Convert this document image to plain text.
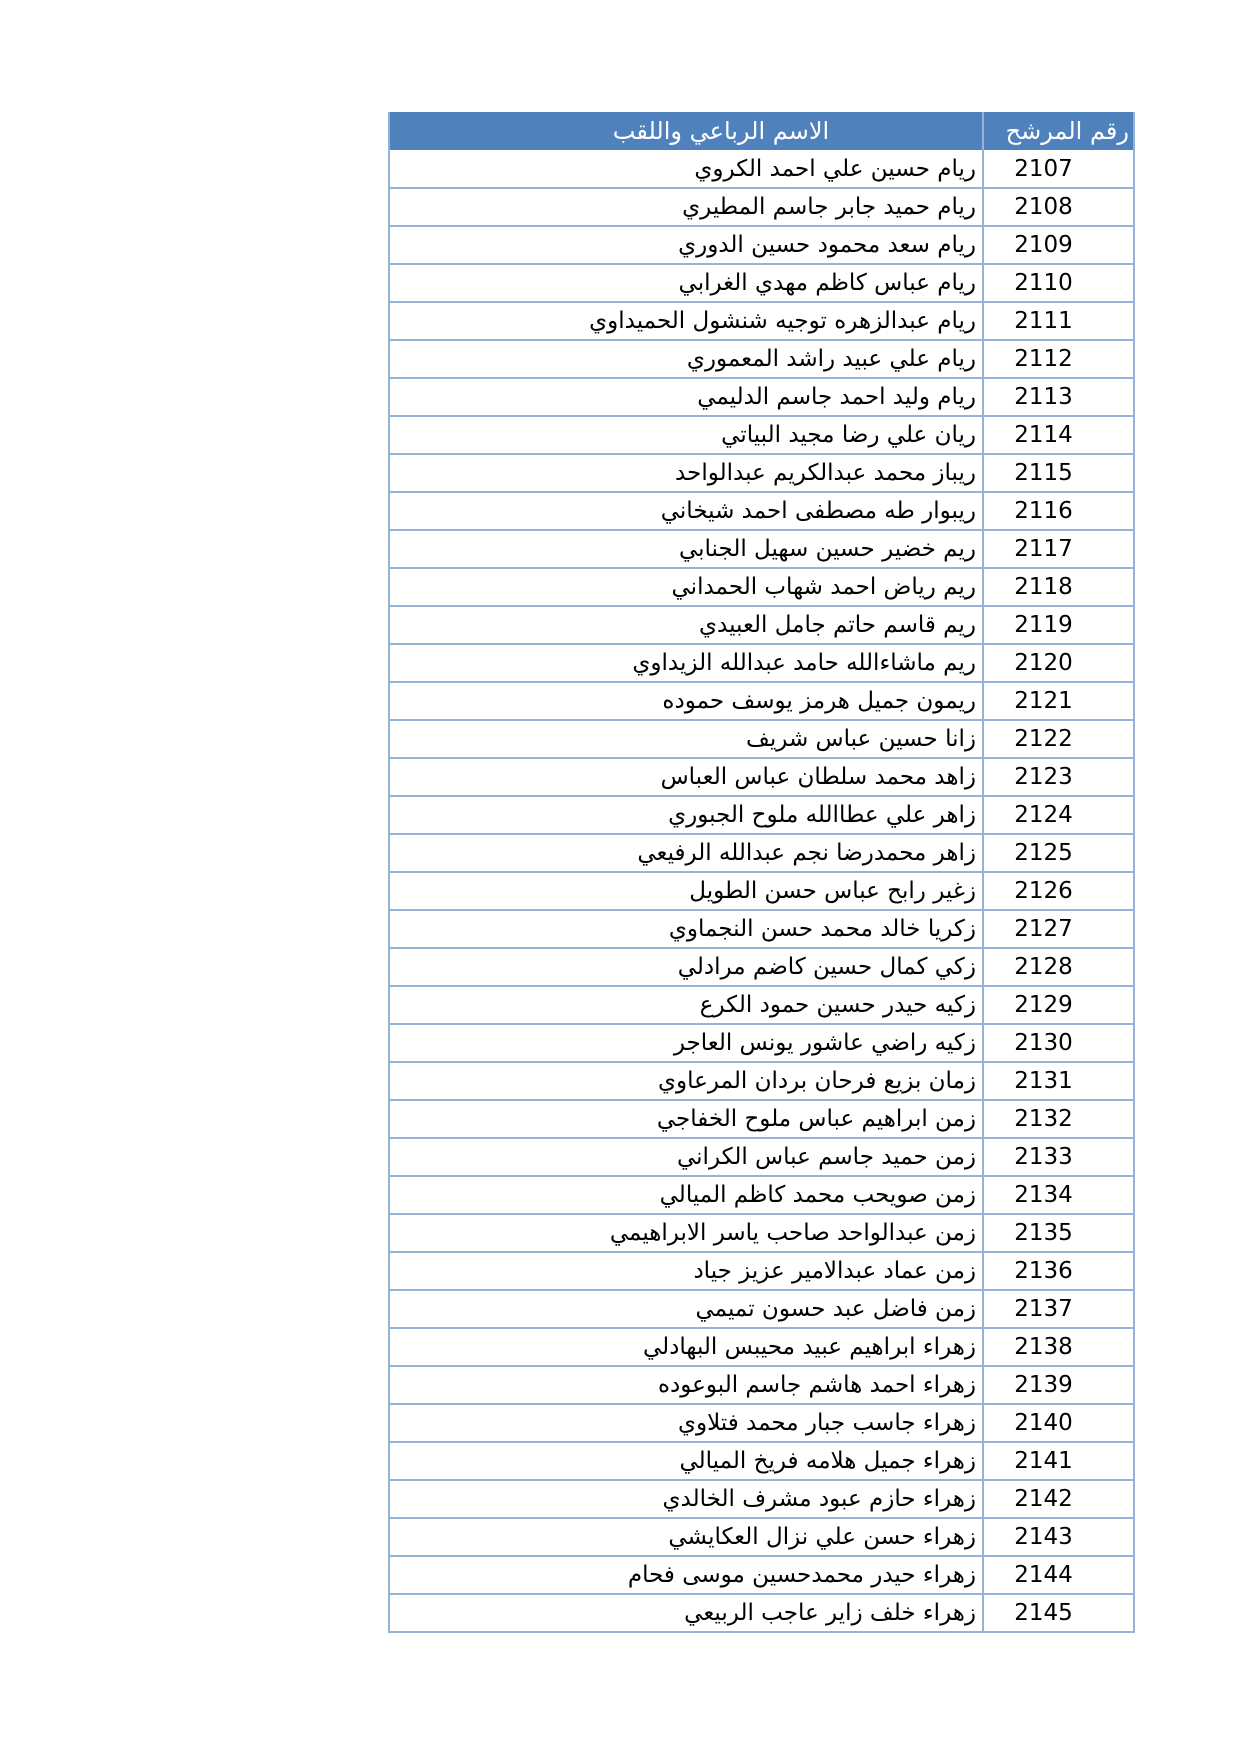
الاسم الرباعي واللقب	رقم المرشح
ريام حسين علي احمد الكروي	2107
ريام حميد جابر جاسم المطيري	2108
ريام سعد محمود حسين الدوري	2109
ريام عباس كاظم مهدي الغرابي	2110
ريام عبدالزهره توجيه شنشول الحميداوي	2111
ريام علي عبيد راشد المعموري	2112
ريام وليد احمد جاسم الدليمي	2113
ريان علي رضا مجيد البياتي	2114
ريباز محمد عبدالكريم عبدالواحد	2115
ريبوار طه مصطفى احمد شيخاني	2116
ريم خضير حسين سهيل الجنابي	2117
ريم رياض احمد شهاب الحمداني	2118
ريم قاسم حاتم جامل العبيدي	2119
ريم ماشاءالله حامد عبدالله الزيداوي	2120
ريمون جميل هرمز يوسف حموده	2121
زانا حسين عباس شريف	2122
زاهد محمد سلطان عباس العباس	2123
زاهر علي عطاالله ملوح الجبوري	2124
زاهر محمدرضا نجم عبدالله الرفيعي	2125
زغير رابح عباس حسن الطويل	2126
زكريا خالد محمد حسن النجماوي	2127
زكي كمال حسين كاضم مرادلي	2128
زكيه حيدر حسين حمود الكرع	2129
زكيه راضي عاشور يونس العاجر	2130
زمان بزيع فرحان بردان المرعاوي	2131
زمن ابراهيم عباس ملوح الخفاجي	2132
زمن حميد جاسم عباس الكراني	2133
زمن صويحب محمد كاظم الميالي	2134
زمن عبدالواحد صاحب ياسر الابراهيمي	2135
زمن عماد عبدالامير عزيز جياد	2136
زمن فاضل عبد حسون تميمي	2137
زهراء ابراهيم عبيد محيبس البهادلي	2138
زهراء احمد هاشم جاسم البوعوده	2139
زهراء جاسب جبار محمد فتلاوي	2140
زهراء جميل هلامه فريخ الميالي	2141
زهراء حازم عبود مشرف الخالدي	2142
زهراء حسن علي نزال العكايشي	2143
زهراء حيدر محمدحسين موسى فحام	2144
زهراء خلف زاير عاجب الربيعي	2145
